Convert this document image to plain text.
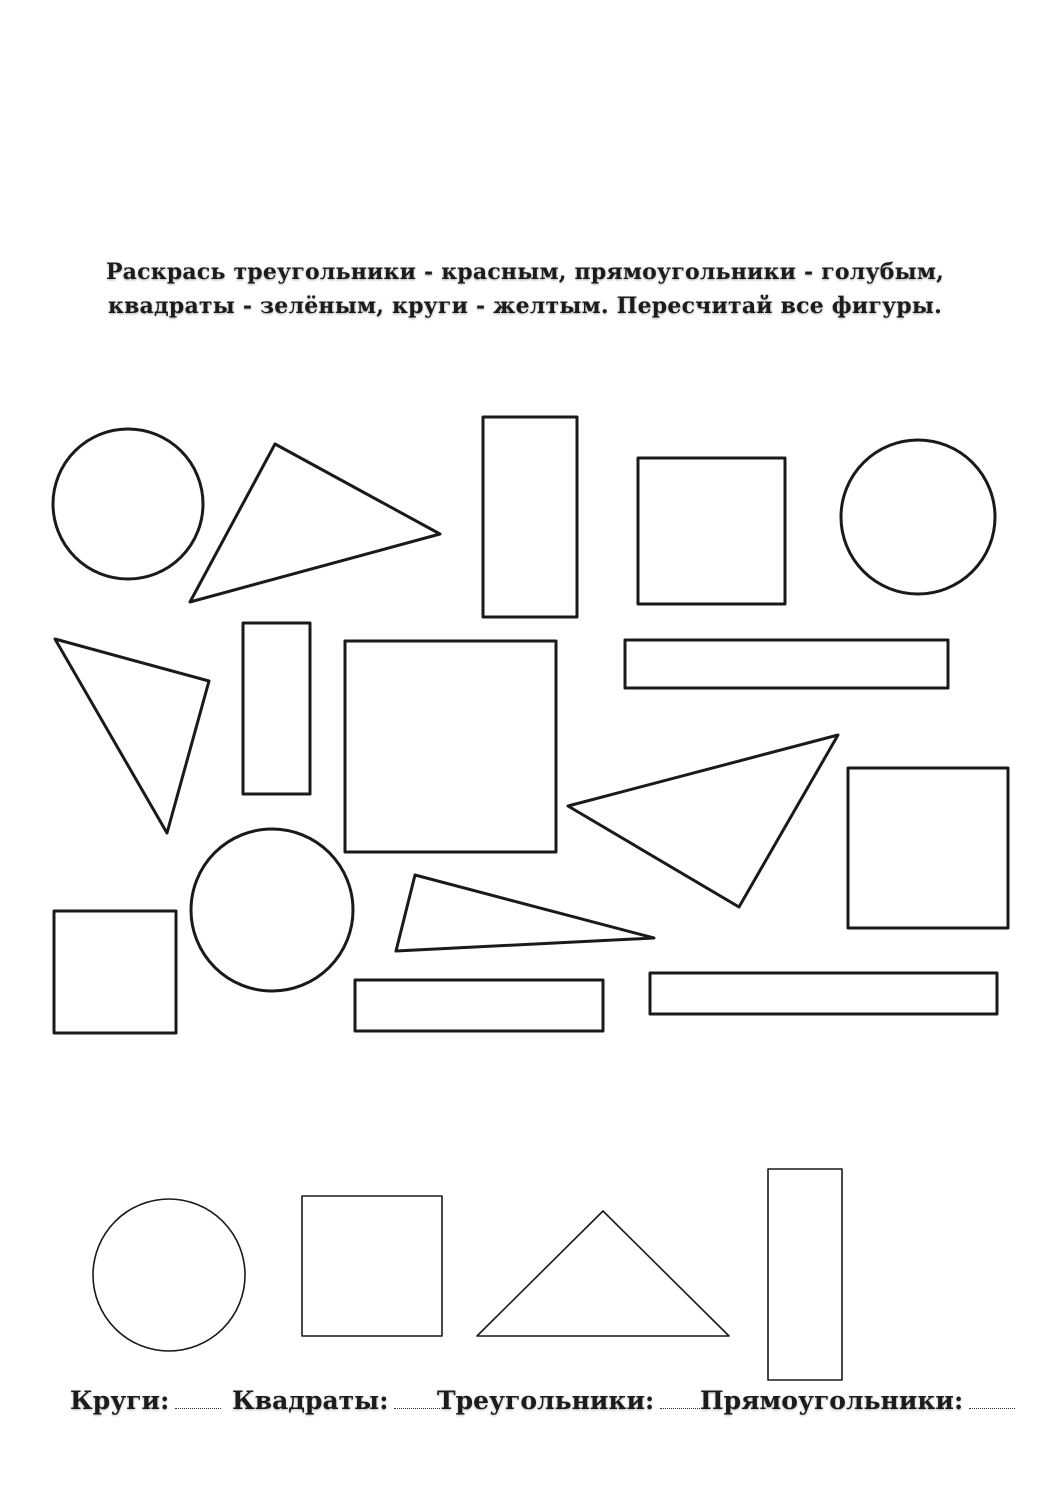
Раскрась треугольники - красным, прямоугольники - голубым,
квадраты - зелёным, круги - желтым. Пересчитай все фигуры.
Круги:	Квадраты:	Треугольники:	Прямоугольники:
